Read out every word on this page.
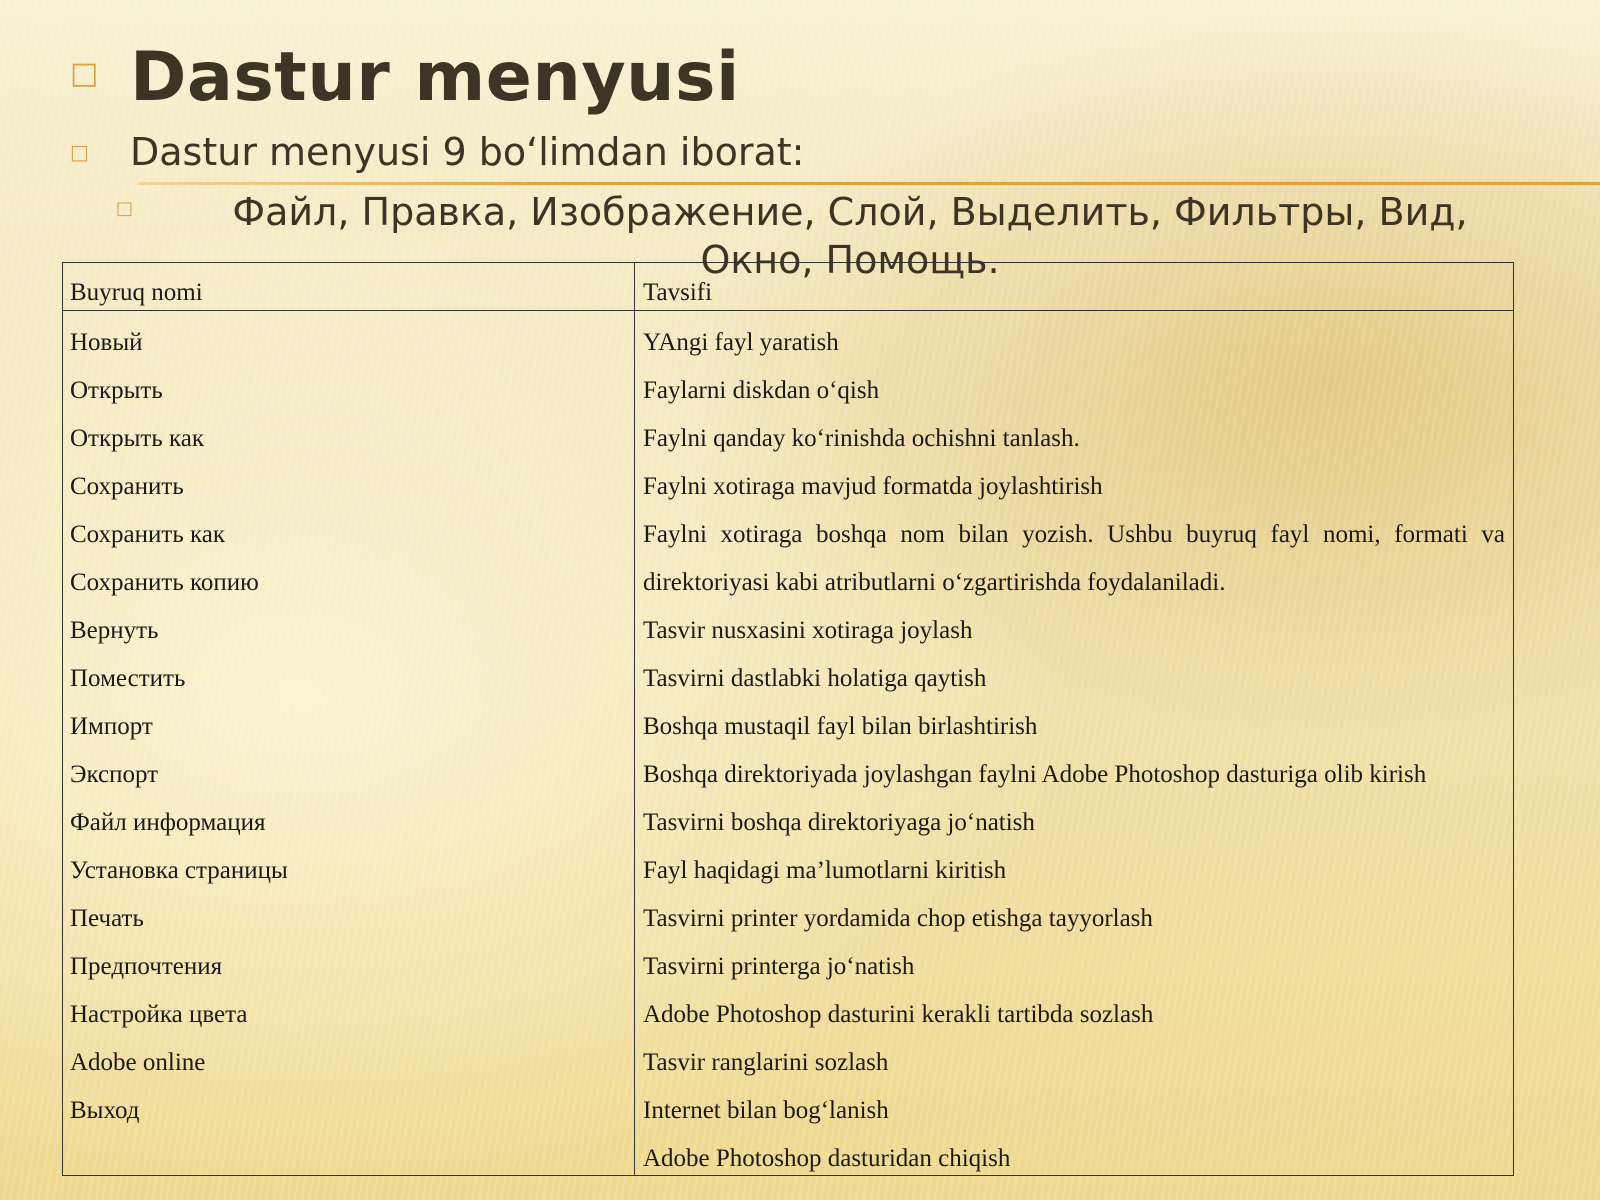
□ Dastur menyusi
□ Dastur menyusi 9 bo‘limdan iborat:

□	Файл, Правка, Изображение, Слой, Выделить, Фильтры, Вид, Окно, Помощь.

Buyruq nomi	Tavsifi
Новый
Открыть
Открыть как
Сохранить
Сохранить как
Сохранить копию
Вернуть
Поместить
Импорт
Экспорт
Файл информация
Установка страницы
Печать
Предпочтения
Настройка цвета
Adobe online
Выход
YAngi fayl yaratish
Faylarni diskdan o‘qish
Faylni qanday ko‘rinishda ochishni tanlash.
Faylni xotiraga mavjud formatda joylashtirish
Faylni xotiraga boshqa nom bilan yozish. Ushbu buyruq fayl nomi, formati va
direktoriyasi kabi atributlarni o‘zgartirishda foydalaniladi.
Tasvir nusxasini xotiraga joylash
Tasvirni dastlabki holatiga qaytish
Boshqa mustaqil fayl bilan birlashtirish
Boshqa direktoriyada joylashgan faylni Adobe Photoshop dasturiga olib kirish
Tasvirni boshqa direktoriyaga jo‘natish
Fayl haqidagi ma’lumotlarni kiritish
Tasvirni printer yordamida chop etishga tayyorlash
Tasvirni printerga jo‘natish
Adobe Photoshop dasturini kerakli tartibda sozlash
Tasvir ranglarini sozlash
Internet bilan bog‘lanish
Adobe Photoshop dasturidan chiqish
